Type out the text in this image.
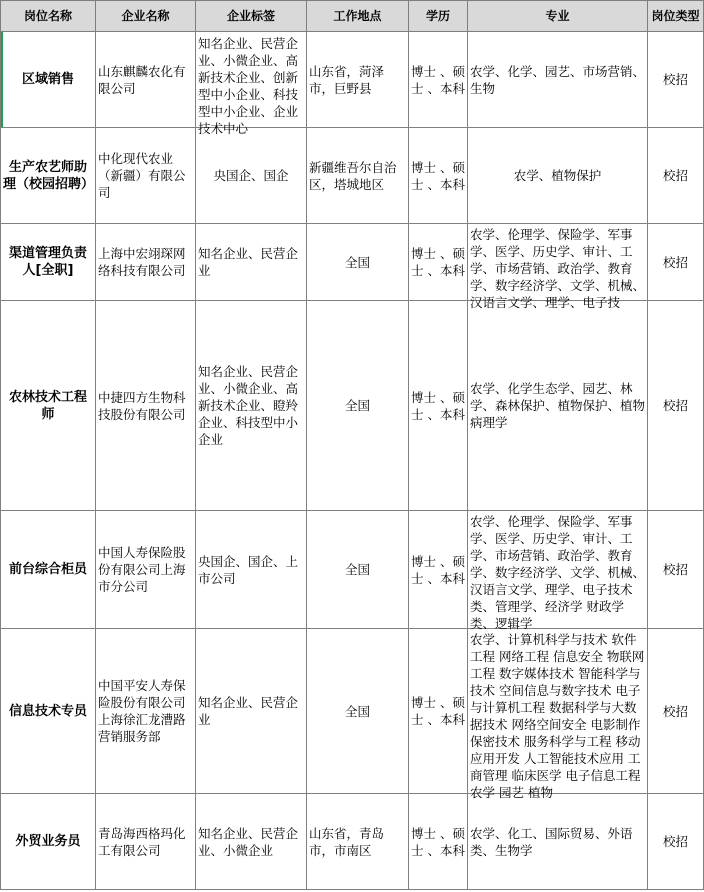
岗位名称	企业名称	企业标签	工作地点	学历	专业	岗位类型
区域销售	山东麒麟农化有限公司	知名企业、民营企业、小微企业、高新技术企业、创新型中小企业、科技型中小企业、企业技术中心	山东省，菏泽市，巨野县	博士 、硕士 、本科	农学、化学、园艺、市场营销、生物	校招
生产农艺师助理（校园招聘）	中化现代农业（新疆）有限公司	央国企、国企	新疆维吾尔自治区，塔城地区	博士 、硕士 、本科	农学、植物保护	校招
渠道管理负责人[全职]	上海中宏翊琛网络科技有限公司	知名企业、民营企业	全国	博士 、硕士 、本科	农学、伦理学、保险学、军事学、医学、历史学、审计、工学、市场营销、政治学、教育学、数字经济学、文学、机械、汉语言文学、理学、电子技	校招
农林技术工程师	中捷四方生物科技股份有限公司	知名企业、民营企业、小微企业、高新技术企业、瞪羚企业、科技型中小企业	全国	博士 、硕士 、本科	农学、化学生态学、园艺、林学、森林保护、植物保护、植物病理学	校招
前台综合柜员	中国人寿保险股份有限公司上海市分公司	央国企、国企、上市公司	全国	博士 、硕士 、本科	农学、伦理学、保险学、军事学、医学、历史学、审计、工学、市场营销、政治学、教育学、数字经济学、文学、机械、汉语言文学、理学、电子技术类、管理学、经济学 财政学类、逻辑学	校招
信息技术专员	中国平安人寿保险股份有限公司上海徐汇龙漕路营销服务部	知名企业、民营企业	全国	博士 、硕士 、本科	农学、计算机科学与技术 软件工程 网络工程 信息安全 物联网工程 数字媒体技术 智能科学与技术 空间信息与数字技术 电子与计算机工程 数据科学与大数据技术 网络空间安全 电影制作 保密技术 服务科学与工程 移动应用开发 人工智能技术应用 工商管理 临床医学 电子信息工程 农学 园艺 植物	校招
外贸业务员	青岛海西格玛化工有限公司	知名企业、民营企业、小微企业	山东省，青岛市，市南区	博士 、硕士 、本科	农学、化工、国际贸易、外语类、生物学	校招
